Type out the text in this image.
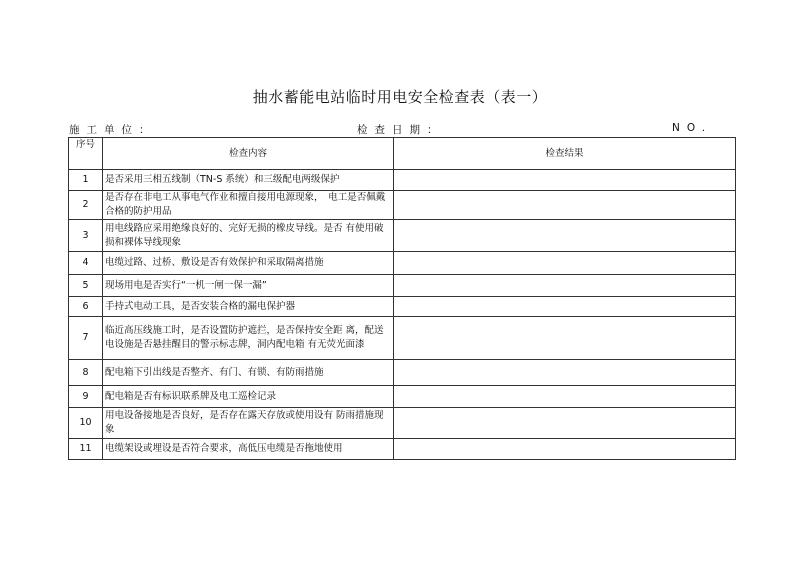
抽水蓄能电站临时用电安全检查表（表一）
施工单位：	检查日期：	NO.
序号	检查内容	检查结果
1	是否采用三相五线制（TN-S 系统）和三级配电两级保护	

2	是否存在非电工从事电气作业和擅自接用电源现象，　电工是否佩戴合格的防护用品	

3	用电线路应采用绝缘良好的、完好无损的橡皮导线。是否 有使用破损和裸体导线现象	

4	电缆过路、过桥、敷设是否有效保护和采取隔离措施	

5	现场用电是否实行“一机一闸一保一漏”	

6	手持式电动工具，是否安装合格的漏电保护器	

7	临近高压线施工时，是否设置防护遮拦，是否保持安全距 离，配送电设施是否悬挂醒目的警示标志牌，洞内配电箱 有无荧光面漆	

8	配电箱下引出线是否整齐、有门、有锁、有防雨措施	

9	配电箱是否有标识联系牌及电工巡检记录	

10	用电设备接地是否良好，是否存在露天存放或使用设有 防雨措施现象	

11	电缆架设或埋设是否符合要求，高低压电缆是否拖地使用	
